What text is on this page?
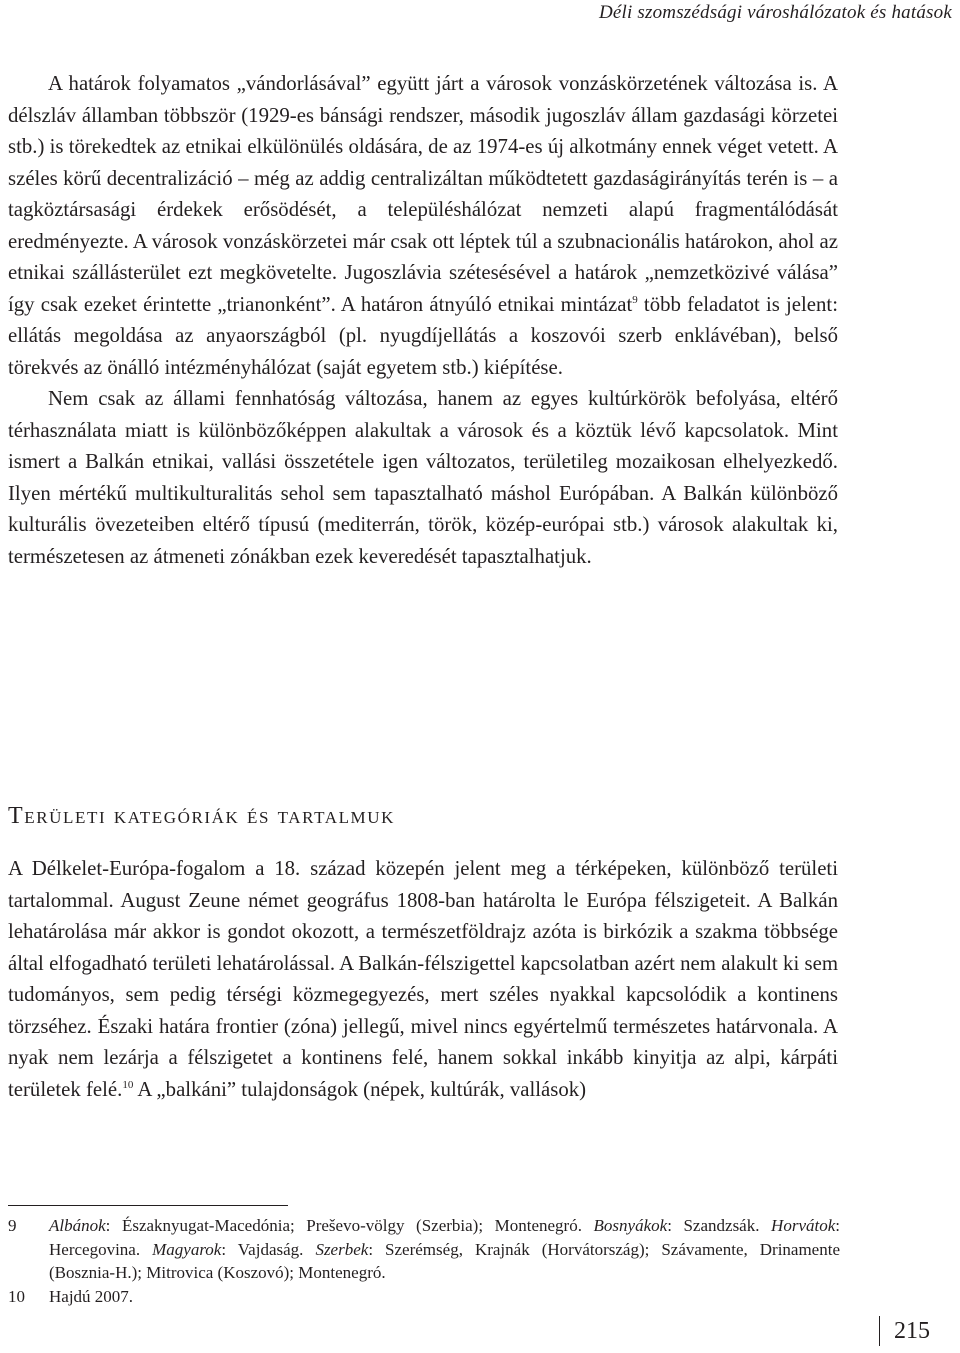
Déli szomszédsági városhálózatok és hatások

A határok folyamatos „vándorlásával” együtt járt a városok vonzáskörzetének változása is. A délszláv államban többször (1929-es bánsági rendszer, második jugoszláv állam gazdasági körzetei stb.) is törekedtek az etnikai elkülönülés oldására, de az 1974-es új alkotmány ennek véget vetett. A széles körű decentralizáció – még az addig centralizáltan működtetett gazdaságirányítás terén is – a tagköztársasági érdekek erősödését, a településhálózat nemzeti alapú fragmentálódását eredményezte. A városok vonzáskörzetei már csak ott léptek túl a szubnacionális határokon, ahol az etnikai szállásterület ezt megkövetelte. Jugoszlávia szétesésével a határok „nemzetközivé válása” így csak ezeket érintette „trianonként”. A határon átnyúló etnikai mintázat$^9$ több feladatot is jelent: ellátás megoldása az anyaországból (pl. nyugdíjellátás a koszovói szerb enklávéban), belső törekvés az önálló intézményhálózat (saját egyetem stb.) kiépítése.

Nem csak az állami fennhatóság változása, hanem az egyes kultúrkörök befolyása, eltérő térhasználata miatt is különbözőképpen alakultak a városok és a köztük lévő kapcsolatok. Mint ismert a Balkán etnikai, vallási összetétele igen változatos, területileg mozaikosan elhelyezkedő. Ilyen mértékű multikulturalitás sehol sem tapasztalható máshol Európában. A Balkán különböző kulturális övezeteiben eltérő típusú (mediterrán, török, közép-európai stb.) városok alakultak ki, természetesen az átmeneti zónákban ezek keveredését tapasztalhatjuk.

Területi kategóriák és tartalmuk

A Délkelet-Európa-fogalom a 18. század közepén jelent meg a térképeken, különböző területi tartalommal. August Zeune német geográfus 1808-ban határolta le Európa félszigeteit. A Balkán lehatárolása már akkor is gondot okozott, a természetföldrajz azóta is birkózik a szakma többsége által elfogadható területi lehatárolással. A Balkán-félszigettel kapcsolatban azért nem alakult ki sem tudományos, sem pedig térségi közmegegyezés, mert széles nyakkal kapcsolódik a kontinens törzséhez. Északi határa frontier (zóna) jellegű, mivel nincs egyértelmű természetes határvonala. A nyak nem lezárja a félszigetet a kontinens felé, hanem sokkal inkább kinyitja az alpi, kárpáti területek felé.$^{10}$ A „balkáni” tulajdonságok (népek, kultúrák, vallások)

9 Albánok: Északnyugat-Macedónia; Preševo-völgy (Szerbia); Montenegró. Bosnyákok: Szandzsák. Horvátok: Hercegovina. Magyarok: Vajdaság. Szerbek: Szerémség, Krajnák (Horvátország); Szávamente, Drinamente (Bosznia-H.); Mitrovica (Koszovó); Montenegró.
10 Hajdú 2007.
215
